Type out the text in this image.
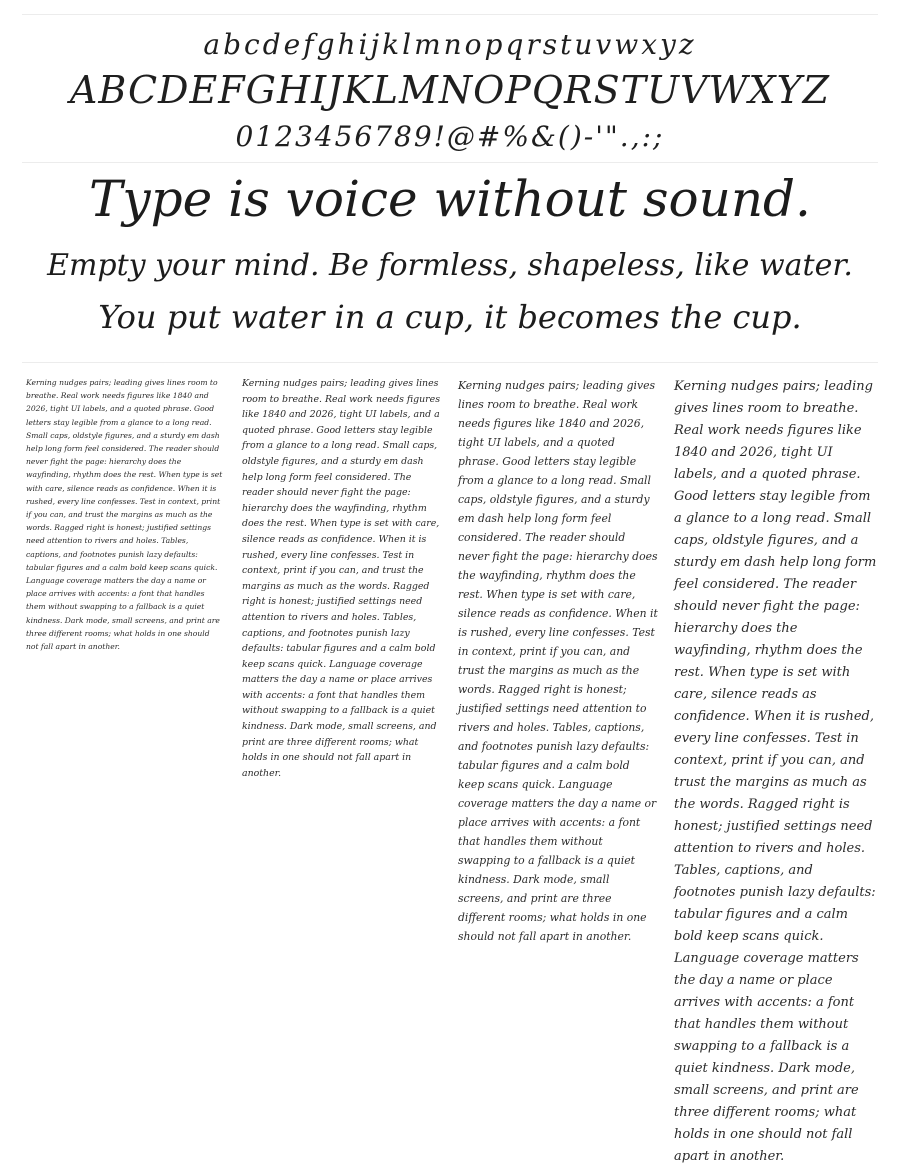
abcdefghijklmnopqrstuvwxyz
ABCDEFGHIJKLMNOPQRSTUVWXYZ
0123456789!@#%&()-'".,:;
Type is voice without sound.
Empty your mind. Be formless, shapeless, like water.
You put water in a cup, it becomes the cup.
Kerning nudges pairs; leading gives lines room to breathe. Real work needs figures like 1840 and 2026, tight UI labels, and a quoted phrase. Good letters stay legible from a glance to a long read. Small caps, oldstyle figures, and a sturdy em dash help long form feel considered. The reader should never fight the page: hierarchy does the wayfinding, rhythm does the rest. When type is set with care, silence reads as confidence. When it is rushed, every line confesses. Test in context, print if you can, and trust the margins as much as the words. Ragged right is honest; justified settings need attention to rivers and holes. Tables, captions, and footnotes punish lazy defaults: tabular figures and a calm bold keep scans quick. Language coverage matters the day a name or place arrives with accents: a font that handles them without swapping to a fallback is a quiet kindness. Dark mode, small screens, and print are three different rooms; what holds in one should not fall apart in another.
Kerning nudges pairs; leading gives lines room to breathe. Real work needs figures like 1840 and 2026, tight UI labels, and a quoted phrase. Good letters stay legible from a glance to a long read. Small caps, oldstyle figures, and a sturdy em dash help long form feel considered. The reader should never fight the page: hierarchy does the wayfinding, rhythm does the rest. When type is set with care, silence reads as confidence. When it is rushed, every line confesses. Test in context, print if you can, and trust the margins as much as the words. Ragged right is honest; justified settings need attention to rivers and holes. Tables, captions, and footnotes punish lazy defaults: tabular figures and a calm bold keep scans quick. Language coverage matters the day a name or place arrives with accents: a font that handles them without swapping to a fallback is a quiet kindness. Dark mode, small screens, and print are three different rooms; what holds in one should not fall apart in another.
Kerning nudges pairs; leading gives lines room to breathe. Real work needs figures like 1840 and 2026, tight UI labels, and a quoted phrase. Good letters stay legible from a glance to a long read. Small caps, oldstyle figures, and a sturdy em dash help long form feel considered. The reader should never fight the page: hierarchy does the wayfinding, rhythm does the rest. When type is set with care, silence reads as confidence. When it is rushed, every line confesses. Test in context, print if you can, and trust the margins as much as the words. Ragged right is honest; justified settings need attention to rivers and holes. Tables, captions, and footnotes punish lazy defaults: tabular figures and a calm bold keep scans quick. Language coverage matters the day a name or place arrives with accents: a font that handles them without swapping to a fallback is a quiet kindness. Dark mode, small screens, and print are three different rooms; what holds in one should not fall apart in another.
Kerning nudges pairs; leading gives lines room to breathe. Real work needs figures like 1840 and 2026, tight UI labels, and a quoted phrase. Good letters stay legible from a glance to a long read. Small caps, oldstyle figures, and a sturdy em dash help long form feel considered. The reader should never fight the page: hierarchy does the wayfinding, rhythm does the rest. When type is set with care, silence reads as confidence. When it is rushed, every line confesses. Test in context, print if you can, and trust the margins as much as the words. Ragged right is honest; justified settings need attention to rivers and holes. Tables, captions, and footnotes punish lazy defaults: tabular figures and a calm bold keep scans quick. Language coverage matters the day a name or place arrives with accents: a font that handles them without swapping to a fallback is a quiet kindness. Dark mode, small screens, and print are three different rooms; what holds in one should not fall apart in another.
